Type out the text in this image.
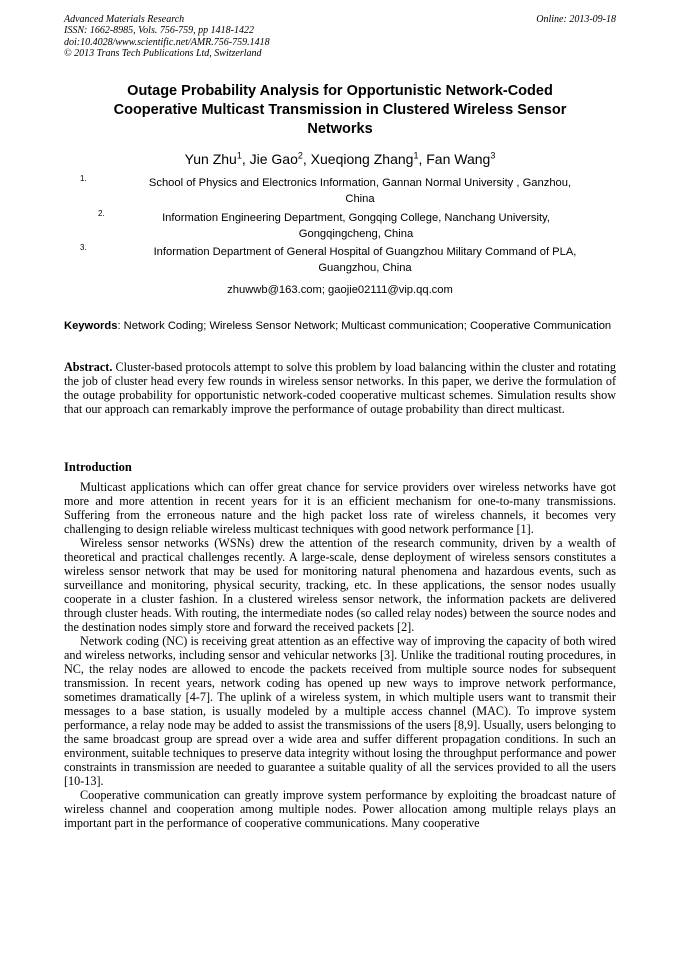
Advanced Materials Research
ISSN: 1662-8985, Vols. 756-759, pp 1418-1422
doi:10.4028/www.scientific.net/AMR.756-759.1418
© 2013 Trans Tech Publications Ltd, Switzerland
Online: 2013-09-18
Outage Probability Analysis for Opportunistic Network-Coded
Cooperative Multicast Transmission in Clustered Wireless Sensor
Networks
Yun Zhu$^1$, Jie Gao$^2$, Xueqiong Zhang$^1$, Fan Wang$^3$
1.	School of Physics and Electronics Information, Gannan Normal University , Ganzhou,
China
2.	Information Engineering Department, Gongqing College, Nanchang University,
Gongqingcheng, China
3.	Information Department of General Hospital of Guangzhou Military Command of PLA,
Guangzhou, China
zhuwwb@163.com; gaojie02111@vip.qq.com
Keywords: Network Coding; Wireless Sensor Network; Multicast communication; Cooperative Communication
Abstract. Cluster-based protocols attempt to solve this problem by load balancing within the cluster and rotating the job of cluster head every few rounds in wireless sensor networks. In this paper, we derive the formulation of the outage probability for opportunistic network-coded cooperative multicast schemes. Simulation results show that our approach can remarkably improve the performance of outage probability than direct multicast.
Introduction

Multicast applications which can offer great chance for service providers over wireless networks have got more and more attention in recent years for it is an efficient mechanism for one-to-many transmissions. Suffering from the erroneous nature and the high packet loss rate of wireless channels, it becomes very challenging to design reliable wireless multicast techniques with good network performance [1].

Wireless sensor networks (WSNs) drew the attention of the research community, driven by a wealth of theoretical and practical challenges recently. A large-scale, dense deployment of wireless sensors constitutes a wireless sensor network that may be used for monitoring natural phenomena and hazardous events, such as surveillance and monitoring, physical security, tracking, etc. In these applications, the sensor nodes usually cooperate in a cluster fashion. In a clustered wireless sensor network, the information packets are delivered through cluster heads. With routing, the intermediate nodes (so called relay nodes) between the source nodes and the destination nodes simply store and forward the received packets [2].

Network coding (NC) is receiving great attention as an effective way of improving the capacity of both wired and wireless networks, including sensor and vehicular networks [3]. Unlike the traditional routing procedures, in NC, the relay nodes are allowed to encode the packets received from multiple source nodes for subsequent transmission. In recent years, network coding has opened up new ways to improve network performance, sometimes dramatically [4-7]. The uplink of a wireless system, in which multiple users want to transmit their messages to a base station, is usually modeled by a multiple access channel (MAC). To improve system performance, a relay node may be added to assist the transmissions of the users [8,9]. Usually, users belonging to the same broadcast group are spread over a wide area and suffer different propagation conditions. In such an environment, suitable techniques to preserve data integrity without losing the throughput performance and power constraints in transmission are needed to guarantee a suitable quality of all the services provided to all the users [10-13].

Cooperative communication can greatly improve system performance by exploiting the broadcast nature of wireless channel and cooperation among multiple nodes. Power allocation among multiple relays plays an important part in the performance of cooperative communications. Many cooperative
